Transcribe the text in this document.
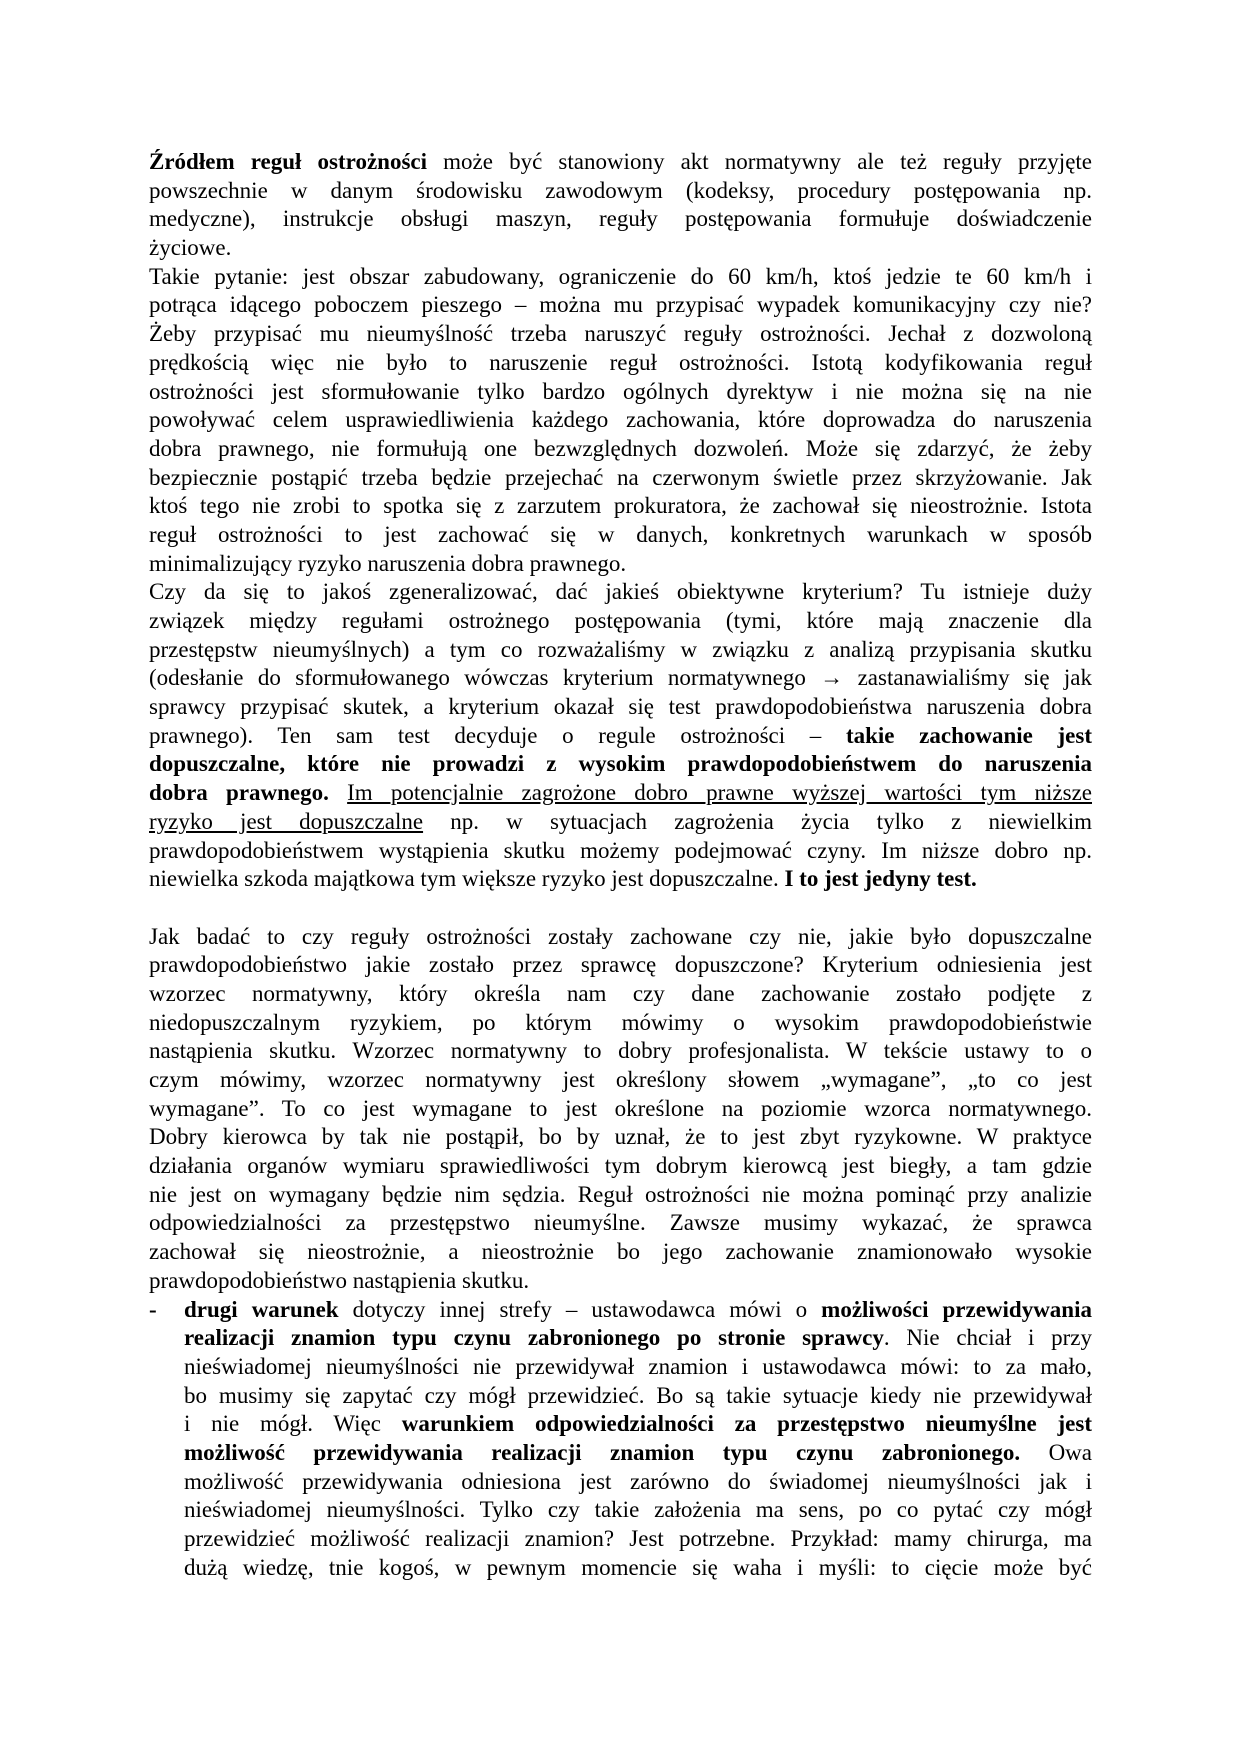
Źródłem reguł ostrożności może być stanowiony akt normatywny ale też reguły przyjęte
powszechnie w danym środowisku zawodowym (kodeksy, procedury postępowania np.
medyczne), instrukcje obsługi maszyn, reguły postępowania formułuje doświadczenie
życiowe.
Takie pytanie: jest obszar zabudowany, ograniczenie do 60 km/h, ktoś jedzie te 60 km/h i
potrąca idącego poboczem pieszego – można mu przypisać wypadek komunikacyjny czy nie?
Żeby przypisać mu nieumyślność trzeba naruszyć reguły ostrożności. Jechał z dozwoloną
prędkością więc nie było to naruszenie reguł ostrożności. Istotą kodyfikowania reguł
ostrożności jest sformułowanie tylko bardzo ogólnych dyrektyw i nie można się na nie
powoływać celem usprawiedliwienia każdego zachowania, które doprowadza do naruszenia
dobra prawnego, nie formułują one bezwzględnych dozwoleń. Może się zdarzyć, że żeby
bezpiecznie postąpić trzeba będzie przejechać na czerwonym świetle przez skrzyżowanie. Jak
ktoś tego nie zrobi to spotka się z zarzutem prokuratora, że zachował się nieostrożnie. Istota
reguł ostrożności to jest zachować się w danych, konkretnych warunkach w sposób
minimalizujący ryzyko naruszenia dobra prawnego.
Czy da się to jakoś zgeneralizować, dać jakieś obiektywne kryterium? Tu istnieje duży
związek między regułami ostrożnego postępowania (tymi, które mają znaczenie dla
przestępstw nieumyślnych) a tym co rozważaliśmy w związku z analizą przypisania skutku
(odesłanie do sformułowanego wówczas kryterium normatywnego → zastanawialiśmy się jak
sprawcy przypisać skutek, a kryterium okazał się test prawdopodobieństwa naruszenia dobra
prawnego). Ten sam test decyduje o regule ostrożności – takie zachowanie jest
dopuszczalne, które nie prowadzi z wysokim prawdopodobieństwem do naruszenia
dobra prawnego. Im potencjalnie zagrożone dobro prawne wyższej wartości tym niższe
ryzyko jest dopuszczalne np. w sytuacjach zagrożenia życia tylko z niewielkim
prawdopodobieństwem wystąpienia skutku możemy podejmować czyny. Im niższe dobro np.
niewielka szkoda majątkowa tym większe ryzyko jest dopuszczalne. I to jest jedyny test.

Jak badać to czy reguły ostrożności zostały zachowane czy nie, jakie było dopuszczalne
prawdopodobieństwo jakie zostało przez sprawcę dopuszczone? Kryterium odniesienia jest
wzorzec normatywny, który określa nam czy dane zachowanie zostało podjęte z
niedopuszczalnym ryzykiem, po którym mówimy o wysokim prawdopodobieństwie
nastąpienia skutku. Wzorzec normatywny to dobry profesjonalista. W tekście ustawy to o
czym mówimy, wzorzec normatywny jest określony słowem „wymagane”, „to co jest
wymagane”. To co jest wymagane to jest określone na poziomie wzorca normatywnego.
Dobry kierowca by tak nie postąpił, bo by uznał, że to jest zbyt ryzykowne. W praktyce
działania organów wymiaru sprawiedliwości tym dobrym kierowcą jest biegły, a tam gdzie
nie jest on wymagany będzie nim sędzia. Reguł ostrożności nie można pominąć przy analizie
odpowiedzialności za przestępstwo nieumyślne. Zawsze musimy wykazać, że sprawca
zachował się nieostrożnie, a nieostrożnie bo jego zachowanie znamionowało wysokie
prawdopodobieństwo nastąpienia skutku.
- drugi warunek dotyczy innej strefy – ustawodawca mówi o możliwości przewidywania
realizacji znamion typu czynu zabronionego po stronie sprawcy. Nie chciał i przy
nieświadomej nieumyślności nie przewidywał znamion i ustawodawca mówi: to za mało,
bo musimy się zapytać czy mógł przewidzieć. Bo są takie sytuacje kiedy nie przewidywał
i nie mógł. Więc warunkiem odpowiedzialności za przestępstwo nieumyślne jest
możliwość przewidywania realizacji znamion typu czynu zabronionego. Owa
możliwość przewidywania odniesiona jest zarówno do świadomej nieumyślności jak i
nieświadomej nieumyślności. Tylko czy takie założenia ma sens, po co pytać czy mógł
przewidzieć możliwość realizacji znamion? Jest potrzebne. Przykład: mamy chirurga, ma
dużą wiedzę, tnie kogoś, w pewnym momencie się waha i myśli: to cięcie może być
